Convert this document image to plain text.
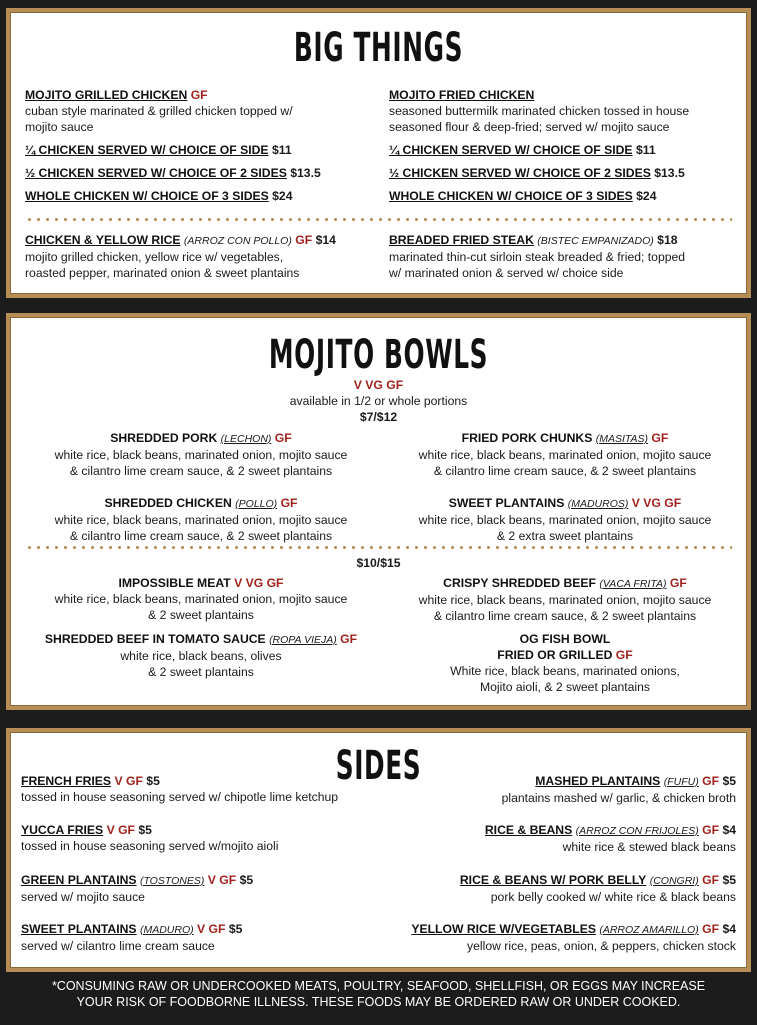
BIG THINGS
MOJITO GRILLED CHICKEN GF
cuban style marinated & grilled chicken topped w/
mojito sauce
¼ CHICKEN SERVED W/ CHOICE OF SIDE $11
½ CHICKEN SERVED W/ CHOICE OF 2 SIDES $13.5
WHOLE CHICKEN W/ CHOICE OF 3 SIDES $24
MOJITO FRIED CHICKEN
seasoned buttermilk marinated chicken tossed in house
seasoned flour & deep-fried; served w/ mojito sauce
¼ CHICKEN SERVED W/ CHOICE OF SIDE $11
½ CHICKEN SERVED W/ CHOICE OF 2 SIDES $13.5
WHOLE CHICKEN W/ CHOICE OF 3 SIDES $24
CHICKEN & YELLOW RICE (ARROZ CON POLLO) GF $14
mojito grilled chicken, yellow rice w/ vegetables,
roasted pepper, marinated onion & sweet plantains
BREADED FRIED STEAK (BISTEC EMPANIZADO) $18
marinated thin-cut sirloin steak breaded & fried; topped
w/ marinated onion & served w/ choice side
MOJITO BOWLS
V VG GF
available in 1/2 or whole portions
$7/$12
SHREDDED PORK (LECHON) GF
white rice, black beans, marinated onion, mojito sauce
& cilantro lime cream sauce, & 2 sweet plantains
FRIED PORK CHUNKS (MASITAS) GF
white rice, black beans, marinated onion, mojito sauce
& cilantro lime cream sauce, & 2 sweet plantains
SHREDDED CHICKEN (POLLO) GF
white rice, black beans, marinated onion, mojito sauce
& cilantro lime cream sauce, & 2 sweet plantains
SWEET PLANTAINS (MADUROS) V VG GF
white rice, black beans, marinated onion, mojito sauce
& 2 extra sweet plantains
$10/$15
IMPOSSIBLE MEAT V VG GF
white rice, black beans, marinated onion, mojito sauce
& 2 sweet plantains
CRISPY SHREDDED BEEF (VACA FRITA) GF
white rice, black beans, marinated onion, mojito sauce
& cilantro lime cream sauce, & 2 sweet plantains
SHREDDED BEEF IN TOMATO SAUCE (ROPA VIEJA) GF
white rice, black beans, olives
& 2 sweet plantains
OG FISH BOWL
FRIED OR GRILLED GF
White rice, black beans, marinated onions,
Mojito aioli, & 2 sweet plantains
SIDES
FRENCH FRIES V GF $5
tossed in house seasoning served w/ chipotle lime ketchup
YUCCA FRIES V GF $5
tossed in house seasoning served w/mojito aioli
GREEN PLANTAINS (TOSTONES) V GF $5
served w/ mojito sauce
SWEET PLANTAINS (MADURO) V GF $5
served w/ cilantro lime cream sauce
MASHED PLANTAINS (FUFU) GF $5
plantains mashed w/ garlic, & chicken broth
RICE & BEANS (ARROZ CON FRIJOLES) GF $4
white rice & stewed black beans
RICE & BEANS W/ PORK BELLY (CONGRI) GF $5
pork belly cooked w/ white rice & black beans
YELLOW RICE W/VEGETABLES (ARROZ AMARILLO) GF $4
yellow rice, peas, onion, & peppers, chicken stock
*CONSUMING RAW OR UNDERCOOKED MEATS, POULTRY, SEAFOOD, SHELLFISH, OR EGGS MAY INCREASE
YOUR RISK OF FOODBORNE ILLNESS. THESE FOODS MAY BE ORDERED RAW OR UNDER COOKED.
